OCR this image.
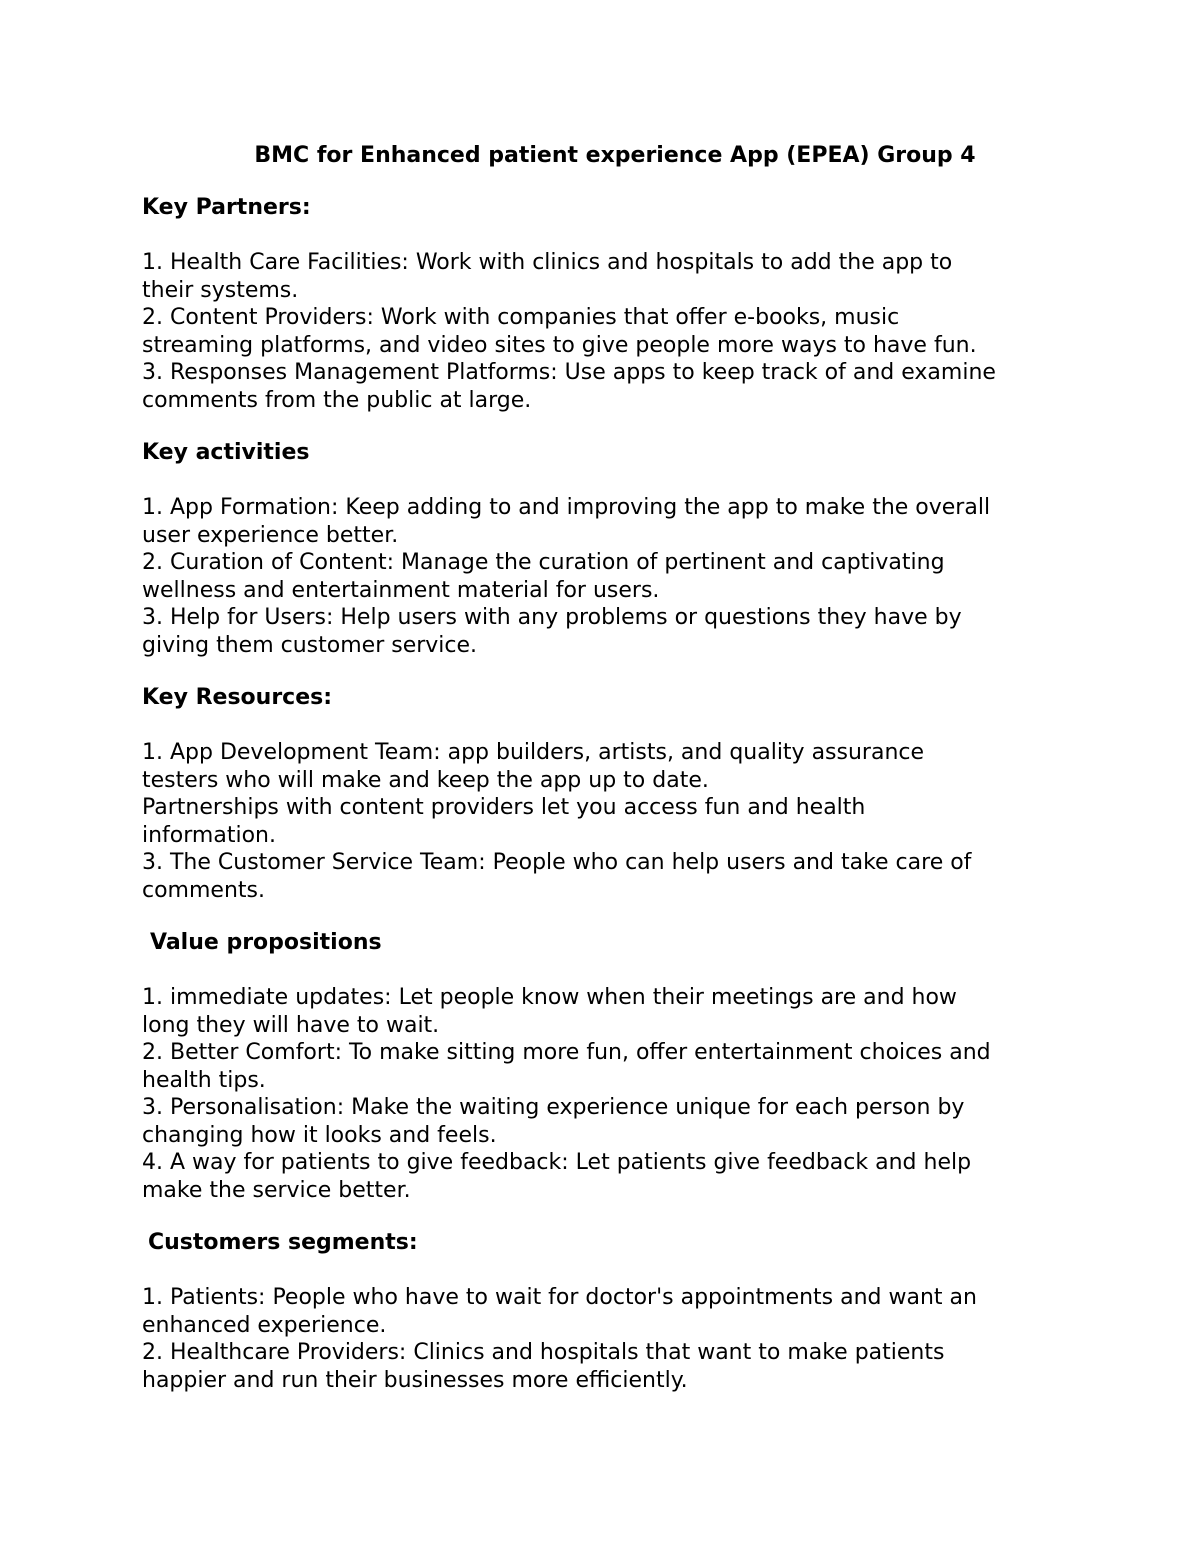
BMC for Enhanced patient experience App (EPEA) Group 4

Key Partners:

1. Health Care Facilities: Work with clinics and hospitals to add the app to

their systems.

2. Content Providers: Work with companies that offer e-books, music

streaming platforms, and video sites to give people more ways to have fun.

3. Responses Management Platforms: Use apps to keep track of and examine

comments from the public at large.

Key activities

1. App Formation: Keep adding to and improving the app to make the overall

user experience better.

2. Curation of Content: Manage the curation of pertinent and captivating

wellness and entertainment material for users.

3. Help for Users: Help users with any problems or questions they have by

giving them customer service.

Key Resources:

1. App Development Team: app builders, artists, and quality assurance

testers who will make and keep the app up to date.

Partnerships with content providers let you access fun and health

information.

3. The Customer Service Team: People who can help users and take care of

comments.

Value propositions

1. immediate updates: Let people know when their meetings are and how

long they will have to wait.

2. Better Comfort: To make sitting more fun, offer entertainment choices and

health tips.

3. Personalisation: Make the waiting experience unique for each person by

changing how it looks and feels.

4. A way for patients to give feedback: Let patients give feedback and help

make the service better.

Customers segments:

1. Patients: People who have to wait for doctor's appointments and want an

enhanced experience.

2. Healthcare Providers: Clinics and hospitals that want to make patients

happier and run their businesses more efficiently.
